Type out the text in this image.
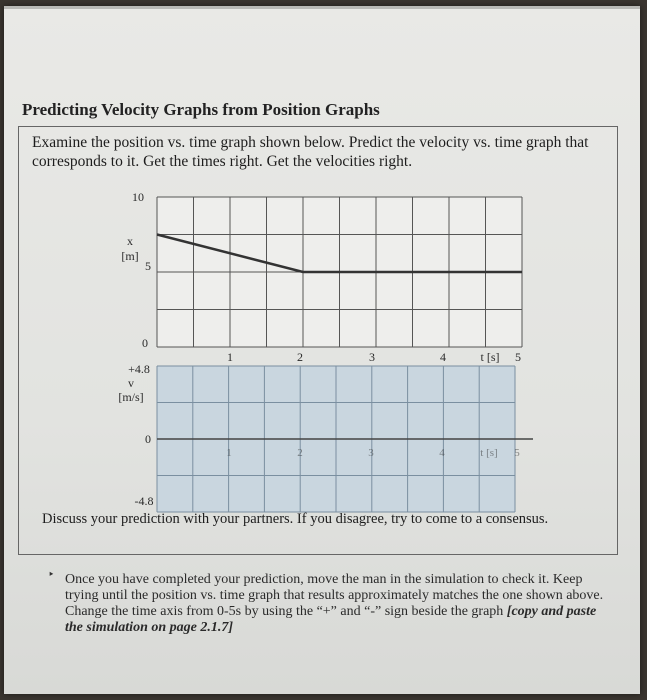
Predicting Velocity Graphs from Position Graphs
Examine the position vs. time graph shown below. Predict the velocity vs. time graph that corresponds to it. Get the times right. Get the velocities right.
10
x
[m]
5
0
1	2	3	4	t [s] 5
+4.8
v
[m/s]
0
-4.8
1	2	3	4	t [s] 5
Discuss your prediction with your partners. If you disagree, try to come to a consensus.
‣ Once you have completed your prediction, move the man in the simulation to check it. Keep trying until the position vs. time graph that results approximately matches the one shown above. Change the time axis from 0-5s by using the “+” and “-” sign beside the graph [copy and paste the simulation on page 2.1.7]
